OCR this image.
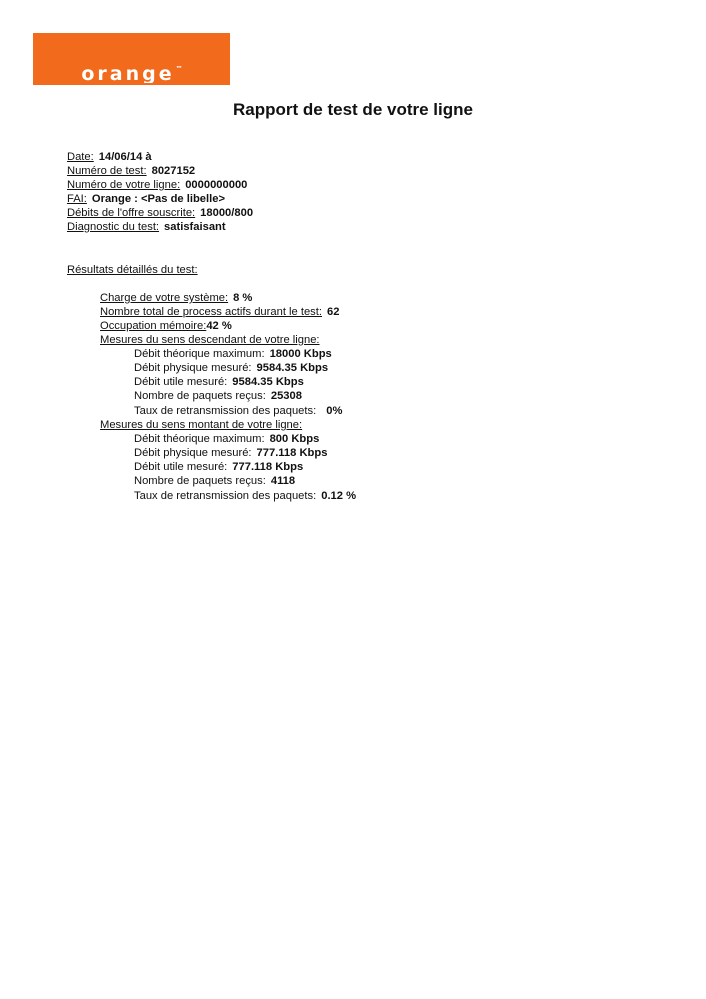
orange ™
Rapport de test de votre ligne
Date: 14/06/14 à
Numéro de test: 8027152
Numéro de votre ligne: 0000000000
FAI: Orange : <Pas de libelle>
Débits de l'offre souscrite: 18000/800
Diagnostic du test: satisfaisant
Résultats détaillés du test:
Charge de votre système: 8 %
Nombre total de process actifs durant le test: 62
Occupation mémoire:42 %
Mesures du sens descendant de votre ligne:
Débit théorique maximum: 18000 Kbps
Débit physique mesuré: 9584.35 Kbps
Débit utile mesuré: 9584.35 Kbps
Nombre de paquets reçus: 25308
Taux de retransmission des paquets: 0%
Mesures du sens montant de votre ligne:
Débit théorique maximum: 800 Kbps
Débit physique mesuré: 777.118 Kbps
Débit utile mesuré: 777.118 Kbps
Nombre de paquets reçus: 4118
Taux de retransmission des paquets: 0.12 %
